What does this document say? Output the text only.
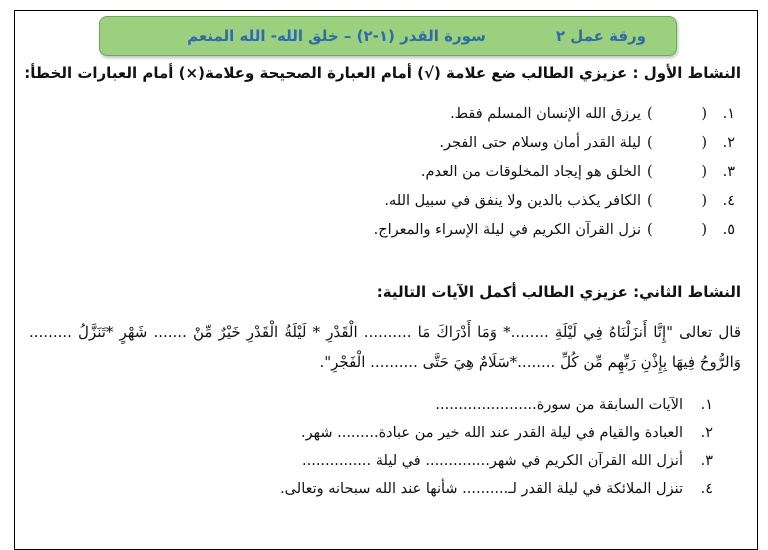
ورقة عمل ٢
سورة القدر (١-٢) – خلق الله- الله المنعم
النشاط الأول : عزيزي الطالب ضع علامة (√) أمام العبارة الصحيحة وعلامة(×) أمام العبارات الخطأ:
١.
(
)
يرزق الله الإنسان المسلم فقط.
٢.
(
)
ليلة القدر أمان وسلام حتى الفجر.
٣.
(
)
الخلق هو إيجاد المخلوقات من العدم.
٤.
(
)
الكافر يكذب بالدين ولا ينفق في سبيل الله.
٥.
(
)
نزل القرآن الكريم في ليلة الإسراء والمعراج.
النشاط الثاني: عزيزي الطالب أكمل الآيات التالية:

قال تعالى "إِنَّا أَنزَلْنَاهُ فِي لَيْلَةِ ........* وَمَا أَدْرَاكَ مَا .......... الْقَدْرِ * لَيْلَةُ الْقَدْرِ خَيْرٌ مِّنْ ....... شَهْرٍ *تَنَزَّلُ ......... وَالرُّوحُ فِيهَا بِإِذْنِ رَبِّهِم مِّن كُلِّ ........*سَلَامٌ هِيَ حَتَّى .......... الْفَجْرِ".

١.
الآيات السابقة من سورة......................
٢.
العبادة والقيام في ليلة القدر عند الله خير من عبادة......... شهر.
٣.
أنزل الله القرآن الكريم في شهر.............. في ليلة ...............
٤.
تنزل الملائكة في ليلة القدر لـ.......... شأنها عند الله سبحانه وتعالى.
